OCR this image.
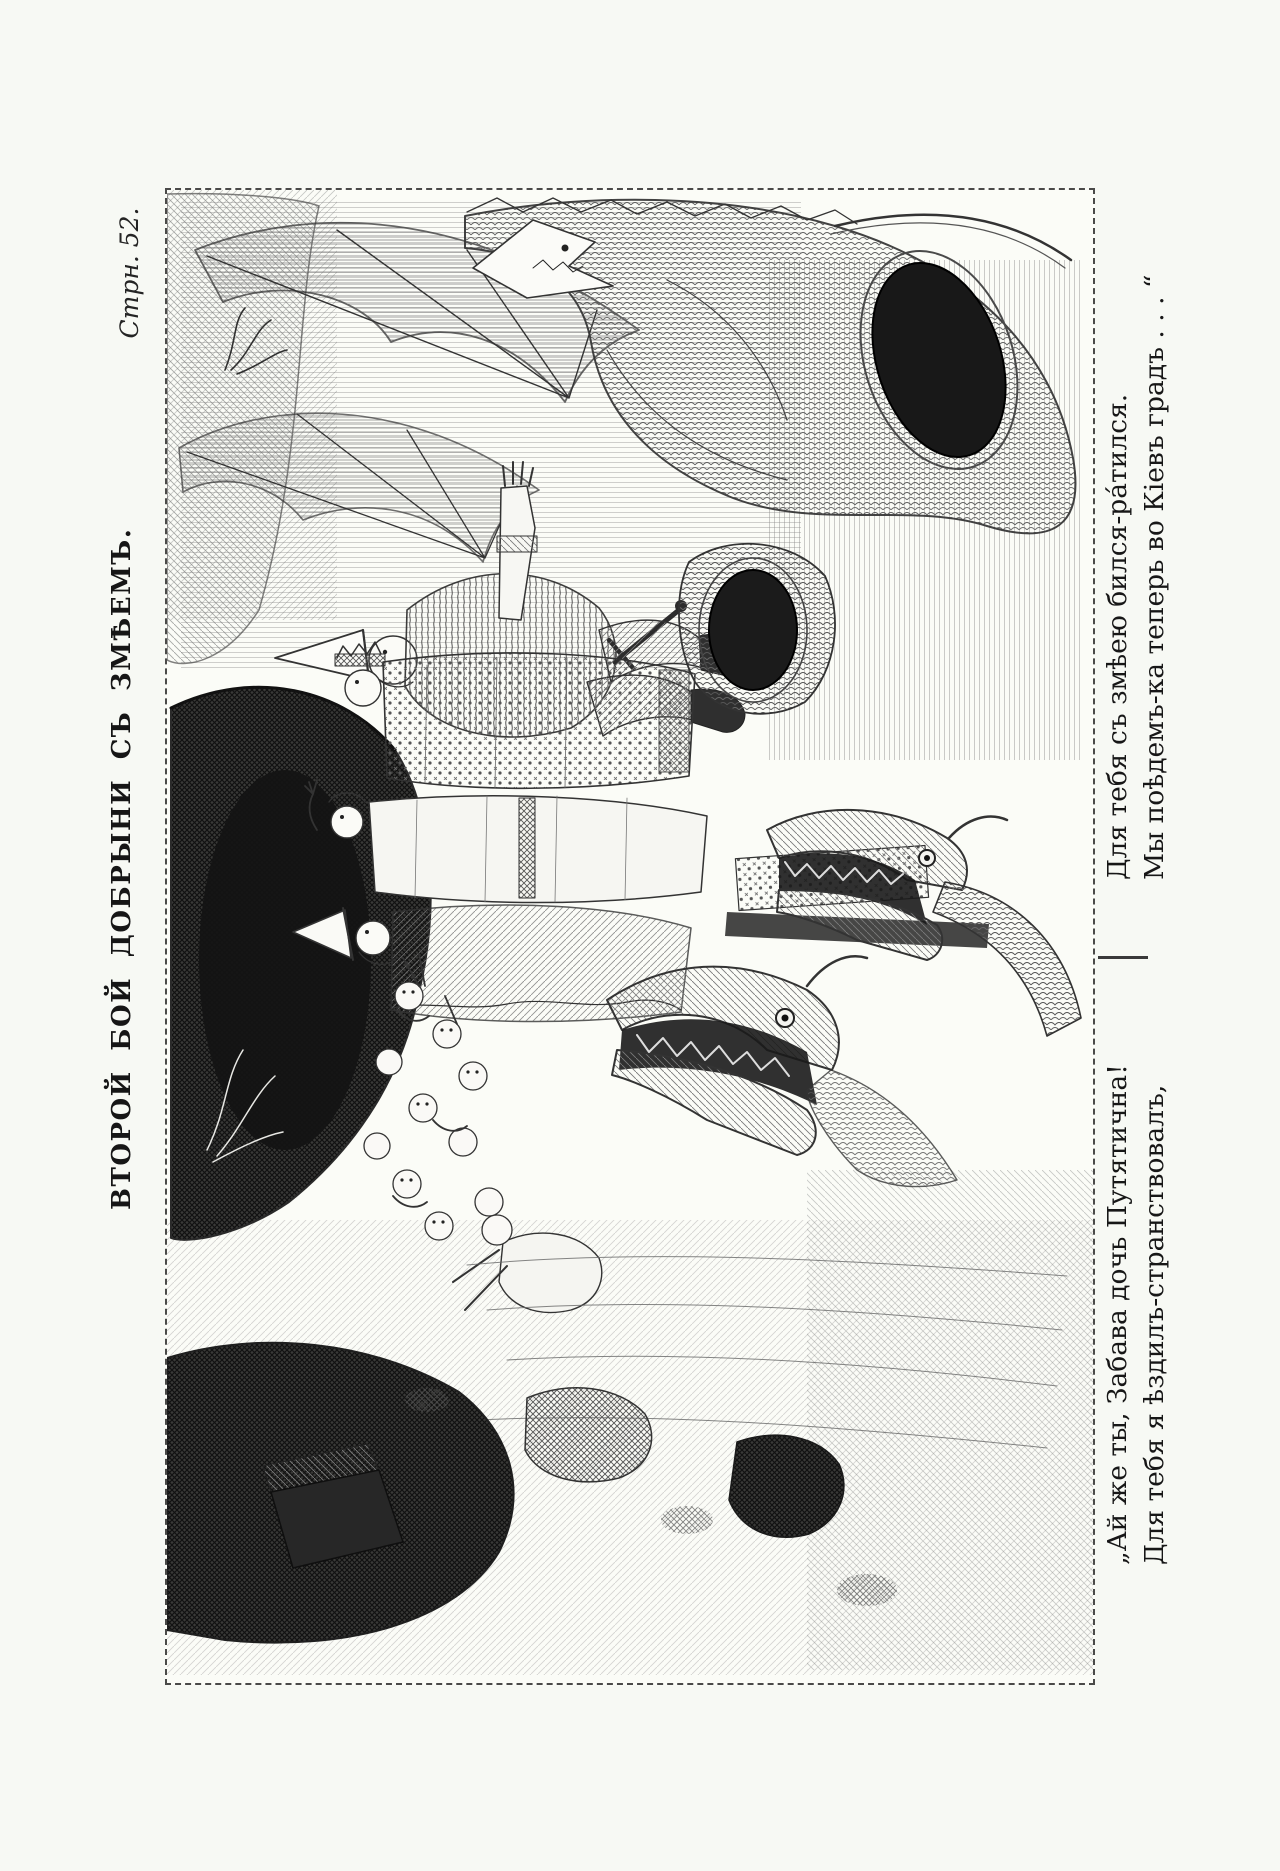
Стрн. 52.
ВТОРОЙ БОЙ ДОБРЫНИ СЪ ЗМѢЕМЪ.	Для тебя съ змѣею бился-ра́тился. Мы поѣдемъ-ка теперь во Кіевъ градъ . . . “
„Ай же ты, Забава дочь Путятична! Для тебя я ѣздилъ-странствовалъ,
